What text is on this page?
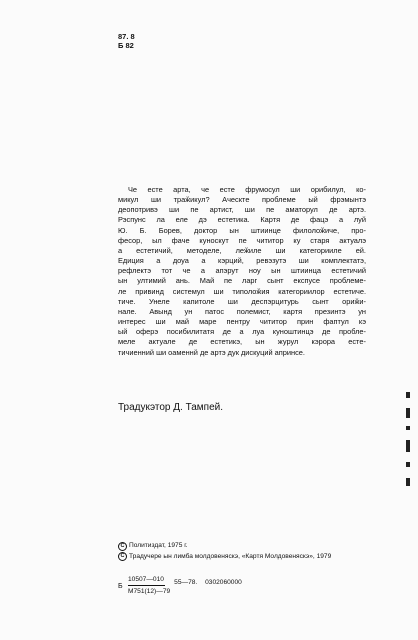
87. 8
Б 82
Че есте арта, че есте фрумосул ши орибилул, ко-
микул ши траӂикул? Аческте проблеме ый фрэмынтэ
деопотривэ ши пе артист, ши пе аматорул де артэ.
Рэспунс ла еле дэ естетика. Картя де фацэ а луй
Ю. Б. Борев, доктор ын штиинце филолоӂиче, про-
фесор, ыл фаче куноскут пе чититор ку старя актуалэ
а естетичий, методеле, леӂиле ши категорииле ей.
Едиция а доуа а кэрций, ревэзутэ ши комплектатэ,
рефлектэ тот че а апэрут ноу ын штиинца естетичий
ын ултимий ань. Май пе ларг сынт експусе проблеме-
ле привинд системул ши типолоӂия категориилор естетиче.
тиче. Унеле капитоле ши деспэрцитурь сынт ориӂи-
нале. Авынд ун патос полемист, картя презинтэ ун
интерес ши май маре пентру чититор прин фаптул кэ
ый оферэ посибилитатя де а луа куноштинцэ де пробле-
меле актуале де естетикэ, ын журул кэрора естe-
тичиенний ши оаменнй де артэ дук дискуций апринсе.
Традукэтор Д. Тампей.
С Политиздат, 1975 г.
С Традучере ын лимба молдовеняскэ, «Картя Молдовеняскэ», 1979
Б $\frac{10507—010}{М751(12)—79}$ 55—78. 0302060000
